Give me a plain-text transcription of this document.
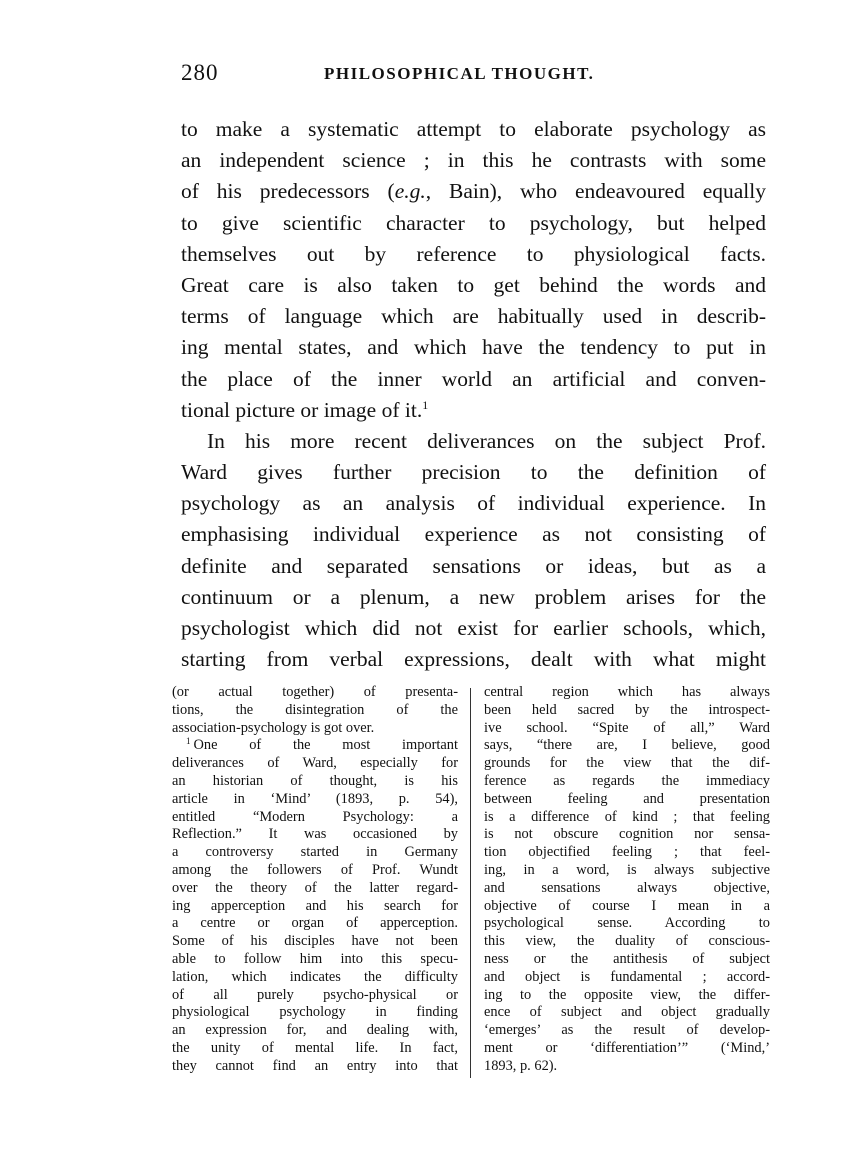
280	PHILOSOPHICAL THOUGHT.
to make a systematic attempt to elaborate psychology as
an independent science ; in this he contrasts with some
of his predecessors (e.g., Bain), who endeavoured equally
to give scientific character to psychology, but helped
themselves out by reference to physiological facts.
Great care is also taken to get behind the words and
terms of language which are habitually used in describ-
ing mental states, and which have the tendency to put in
the place of the inner world an artificial and conven-
tional picture or image of it.$^1$
In his more recent deliverances on the subject Prof.
Ward gives further precision to the definition of
psychology as an analysis of individual experience. In
emphasising individual experience as not consisting of
definite and separated sensations or ideas, but as a
continuum or a plenum, a new problem arises for the
psychologist which did not exist for earlier schools, which,
starting from verbal expressions, dealt with what might
(or actual together) of presenta-
tions, the disintegration of the
association-psychology is got over.
$^1$ One of the most important
deliverances of Ward, especially for
an historian of thought, is his
article in ‘Mind’ (1893, p. 54),
entitled “Modern Psychology: a
Reflection.” It was occasioned by
a controversy started in Germany
among the followers of Prof. Wundt
over the theory of the latter regard-
ing apperception and his search for
a centre or organ of apperception.
Some of his disciples have not been
able to follow him into this specu-
lation, which indicates the difficulty
of all purely psycho-physical or
physiological psychology in finding
an expression for, and dealing with,
the unity of mental life. In fact,
they cannot find an entry into that
central region which has always
been held sacred by the introspect-
ive school. “Spite of all,” Ward
says, “there are, I believe, good
grounds for the view that the dif-
ference as regards the immediacy
between feeling and presentation
is a difference of kind ; that feeling
is not obscure cognition nor sensa-
tion objectified feeling ; that feel-
ing, in a word, is always subjective
and sensations always objective,
objective of course I mean in a
psychological sense. According to
this view, the duality of conscious-
ness or the antithesis of subject
and object is fundamental ; accord-
ing to the opposite view, the differ-
ence of subject and object gradually
‘emerges’ as the result of develop-
ment or ‘differentiation’” (‘Mind,’
1893, p. 62).
